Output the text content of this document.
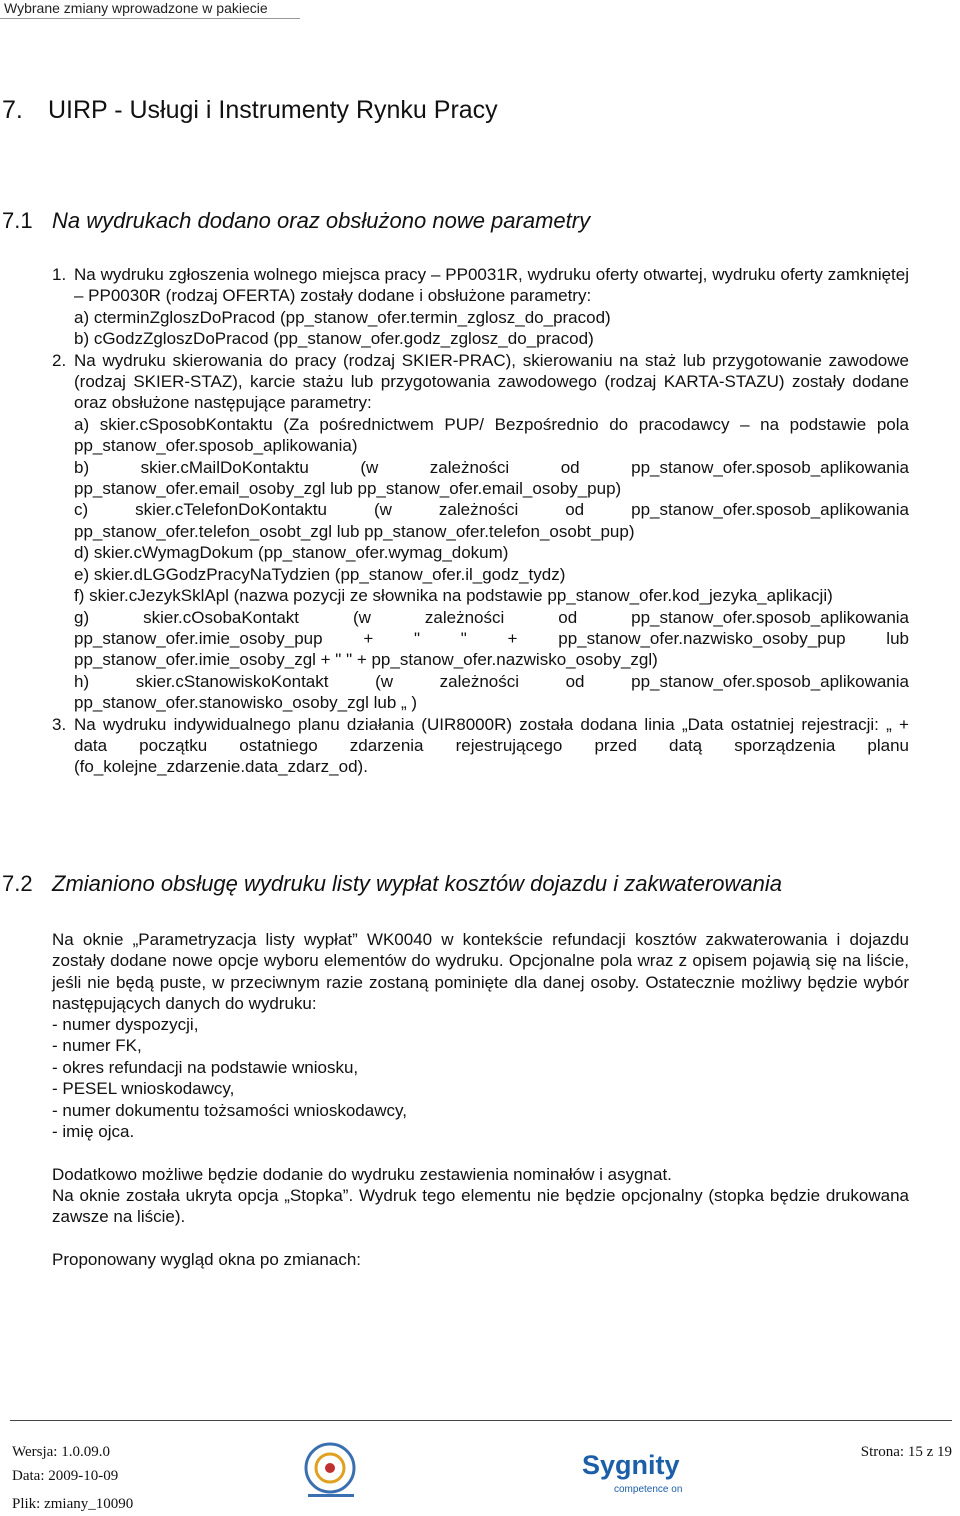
Wybrane zmiany wprowadzone w pakiecie
7. UIRP - Usługi i Instrumenty Rynku Pracy
7.1 Na wydrukach dodano oraz obsłużono nowe parametry
1. Na wydruku zgłoszenia wolnego miejsca pracy – PP0031R, wydruku oferty otwartej, wydruku oferty zamkniętej – PP0030R (rodzaj OFERTA) zostały dodane i obsłużone parametry:
a) cterminZgloszDoPracod (pp_stanow_ofer.termin_zglosz_do_pracod)
b) cGodzZgloszDoPracod (pp_stanow_ofer.godz_zglosz_do_pracod)
2. Na wydruku skierowania do pracy (rodzaj SKIER-PRAC), skierowaniu na staż lub przygotowanie zawodowe (rodzaj SKIER-STAZ), karcie stażu lub przygotowania zawodowego (rodzaj KARTA-STAZU) zostały dodane oraz obsłużone następujące parametry:
a) skier.cSposobKontaktu (Za pośrednictwem PUP/ Bezpośrednio do pracodawcy – na podstawie pola pp_stanow_ofer.sposob_aplikowania)
b) skier.cMailDoKontaktu (w zależności od pp_stanow_ofer.sposob_aplikowania pp_stanow_ofer.email_osoby_zgl lub pp_stanow_ofer.email_osoby_pup)
c) skier.cTelefonDoKontaktu (w zależności od pp_stanow_ofer.sposob_aplikowania pp_stanow_ofer.telefon_osobt_zgl lub pp_stanow_ofer.telefon_osobt_pup)
d) skier.cWymagDokum (pp_stanow_ofer.wymag_dokum)
e) skier.dLGGodzPracyNaTydzien (pp_stanow_ofer.il_godz_tydz)
f) skier.cJezykSklApl (nazwa pozycji ze słownika na podstawie pp_stanow_ofer.kod_jezyka_aplikacji)
g) skier.cOsobaKontakt (w zależności od pp_stanow_ofer.sposob_aplikowania pp_stanow_ofer.imie_osoby_pup + " " + pp_stanow_ofer.nazwisko_osoby_pup lub pp_stanow_ofer.imie_osoby_zgl + " " + pp_stanow_ofer.nazwisko_osoby_zgl)
h) skier.cStanowiskoKontakt (w zależności od pp_stanow_ofer.sposob_aplikowania pp_stanow_ofer.stanowisko_osoby_zgl lub „ )
3. Na wydruku indywidualnego planu działania (UIR8000R) została dodana linia „Data ostatniej rejestracji: „ + data początku ostatniego zdarzenia rejestrującego przed datą sporządzenia planu (fo_kolejne_zdarzenie.data_zdarz_od).
7.2 Zmianiono obsługę wydruku listy wypłat kosztów dojazdu i zakwaterowania
Na oknie „Parametryzacja listy wypłat” WK0040 w kontekście refundacji kosztów zakwaterowania i dojazdu zostały dodane nowe opcje wyboru elementów do wydruku. Opcjonalne pola wraz z opisem pojawią się na liście, jeśli nie będą puste, w przeciwnym razie zostaną pominięte dla danej osoby. Ostatecznie możliwy będzie wybór następujących danych do wydruku:
- numer dyspozycji,
- numer FK,
- okres refundacji na podstawie wniosku,
- PESEL wnioskodawcy,
- numer dokumentu tożsamości wnioskodawcy,
- imię ojca.
Dodatkowo możliwe będzie dodanie do wydruku zestawienia nominałów i asygnat.
Na oknie została ukryta opcja „Stopka”. Wydruk tego elementu nie będzie opcjonalny (stopka będzie drukowana zawsze na liście).
Proponowany wygląd okna po zmianach:
Wersja: 1.0.09.0
Data: 2009-10-09
Plik: zmiany_10090
Sygnity
competence on
Strona: 15 z 19
